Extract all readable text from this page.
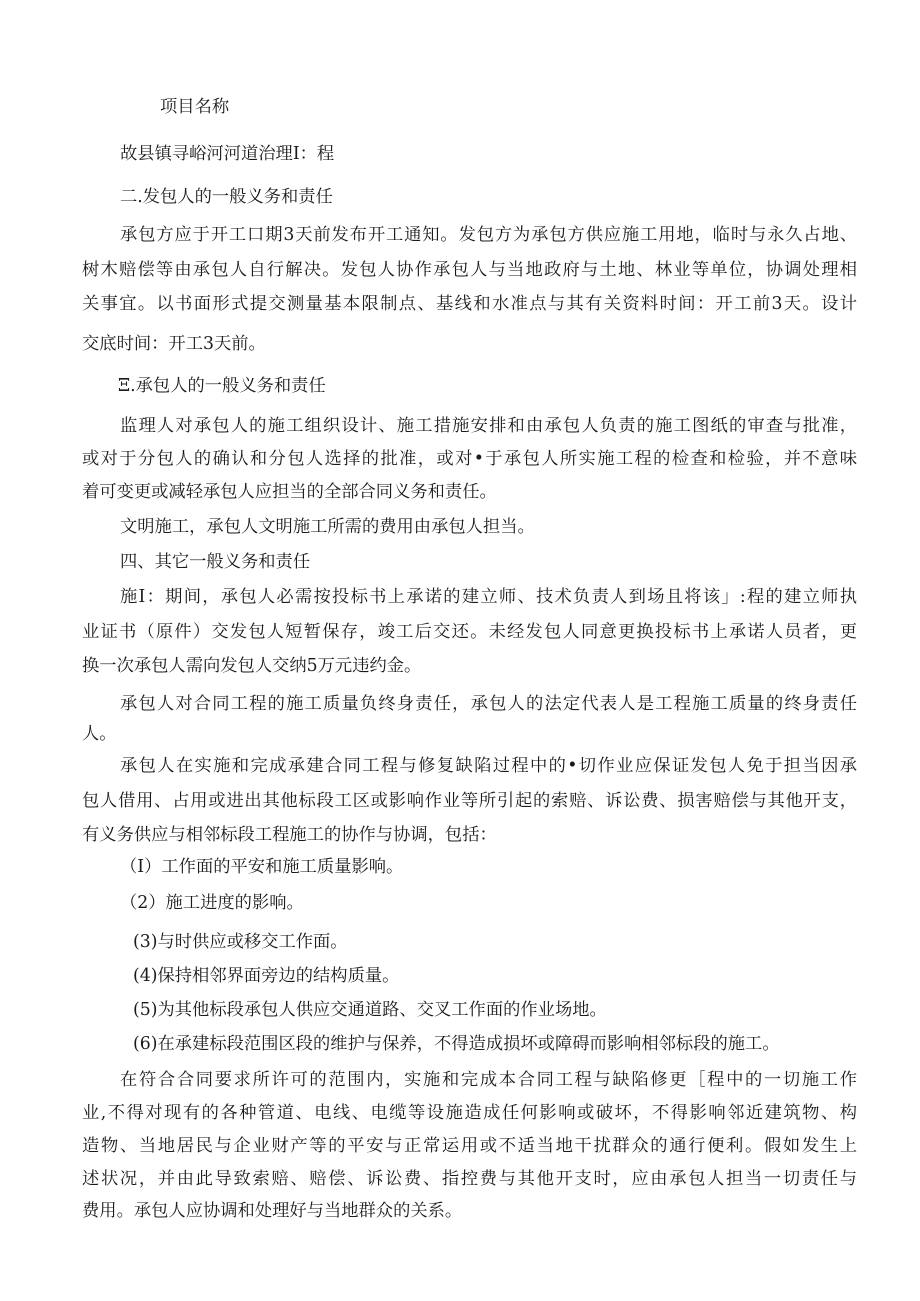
项目名称
故县镇寻峪河河道治理I：程
二.发包人的一般义务和责任
承包方应于开工口期3天前发布开工通知。发包方为承包方供应施工用地，临时与永久占地、
树木赔偿等由承包人自行解决。发包人协作承包人与当地政府与土地、林业等单位，协调处理相
关事宜。以书面形式提交测量基本限制点、基线和水准点与其有关资料时间：开工前3天。设计
交底时间：开工3天前。
Ξ.承包人的一般义务和责任
监理人对承包人的施工组织设计、施工措施安排和由承包人负责的施工图纸的审查与批准，
或对于分包人的确认和分包人选择的批准，或对•于承包人所实施工程的检查和检验，并不意味
着可变更或减轻承包人应担当的全部合同义务和责任。
文明施工，承包人文明施工所需的费用由承包人担当。
四、其它一般义务和责任
施I：期间，承包人必需按投标书上承诺的建立师、技术负责人到场且将该」:程的建立师执
业证书（原件）交发包人短暂保存，竣工后交还。未经发包人同意更换投标书上承诺人员者，更
换一次承包人需向发包人交纳5万元违约金。
承包人对合同工程的施工质量负终身责任，承包人的法定代表人是工程施工质量的终身责任
人。
承包人在实施和完成承建合同工程与修复缺陷过程中的•切作业应保证发包人免于担当因承
包人借用、占用或进出其他标段工区或影响作业等所引起的索赔、诉讼费、损害赔偿与其他开支，
有义务供应与相邻标段工程施工的协作与协调，包括：
（I）工作面的平安和施工质量影响。
（2）施工进度的影响。
(3)与时供应或移交工作面。
(4)保持相邻界面旁边的结构质量。
(5)为其他标段承包人供应交通道路、交叉工作面的作业场地。
(6)在承建标段范围区段的维护与保养，不得造成损坏或障碍而影响相邻标段的施工。
在符合合同要求所许可的范围内，实施和完成本合同工程与缺陷修更［程中的一切施工作
业,不得对现有的各种管道、电线、电缆等设施造成任何影响或破坏，不得影响邻近建筑物、构
造物、当地居民与企业财产等的平安与正常运用或不适当地干扰群众的通行便利。假如发生上
述状况，并由此导致索赔、赔偿、诉讼费、指控费与其他开支时，应由承包人担当一切责任与
费用。承包人应协调和处理好与当地群众的关系。
